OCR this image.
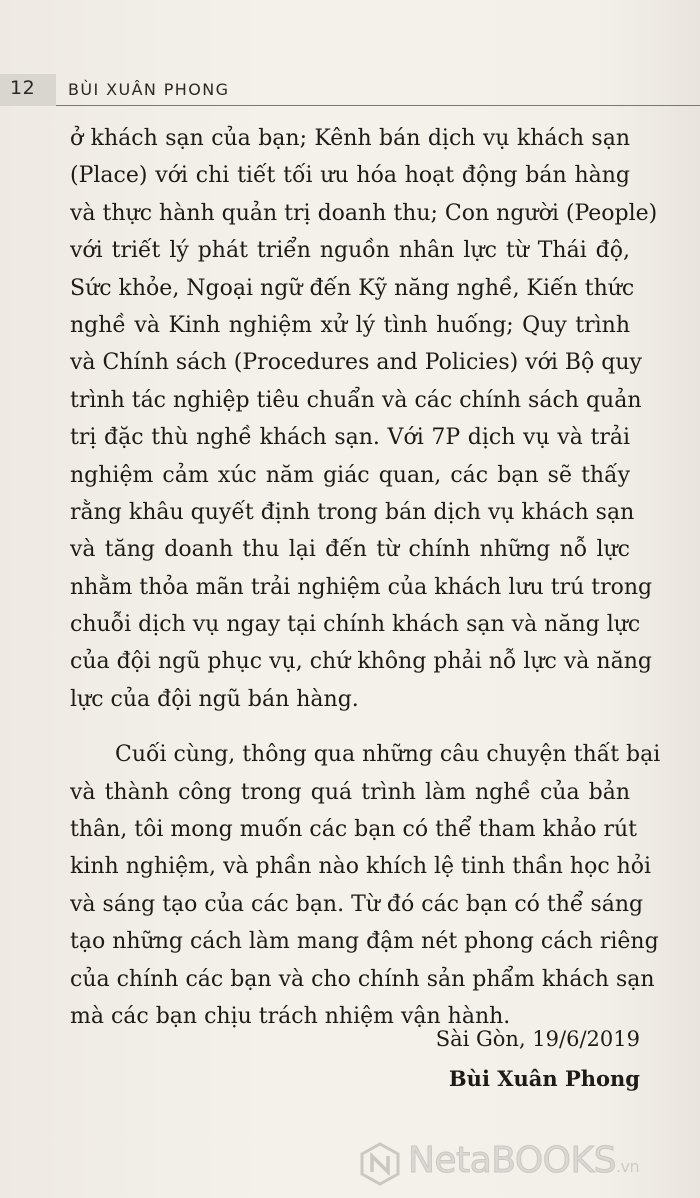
12 BÙI XUÂN PHONG
ở khách sạn của bạn; Kênh bán dịch vụ khách sạn
(Place) với chi tiết tối ưu hóa hoạt động bán hàng
và thực hành quản trị doanh thu; Con người (People)
với triết lý phát triển nguồn nhân lực từ Thái độ,
Sức khỏe, Ngoại ngữ đến Kỹ năng nghề, Kiến thức
nghề và Kinh nghiệm xử lý tình huống; Quy trình
và Chính sách (Procedures and Policies) với Bộ quy
trình tác nghiệp tiêu chuẩn và các chính sách quản
trị đặc thù nghề khách sạn. Với 7P dịch vụ và trải
nghiệm cảm xúc năm giác quan, các bạn sẽ thấy
rằng khâu quyết định trong bán dịch vụ khách sạn
và tăng doanh thu lại đến từ chính những nỗ lực
nhằm thỏa mãn trải nghiệm của khách lưu trú trong
chuỗi dịch vụ ngay tại chính khách sạn và năng lực
của đội ngũ phục vụ, chứ không phải nỗ lực và năng
lực của đội ngũ bán hàng.
Cuối cùng, thông qua những câu chuyện thất bại
và thành công trong quá trình làm nghề của bản
thân, tôi mong muốn các bạn có thể tham khảo rút
kinh nghiệm, và phần nào khích lệ tinh thần học hỏi
và sáng tạo của các bạn. Từ đó các bạn có thể sáng
tạo những cách làm mang đậm nét phong cách riêng
của chính các bạn và cho chính sản phẩm khách sạn
mà các bạn chịu trách nhiệm vận hành.
Sài Gòn, 19/6/2019
Bùi Xuân Phong
NetaBOOKS.vn
